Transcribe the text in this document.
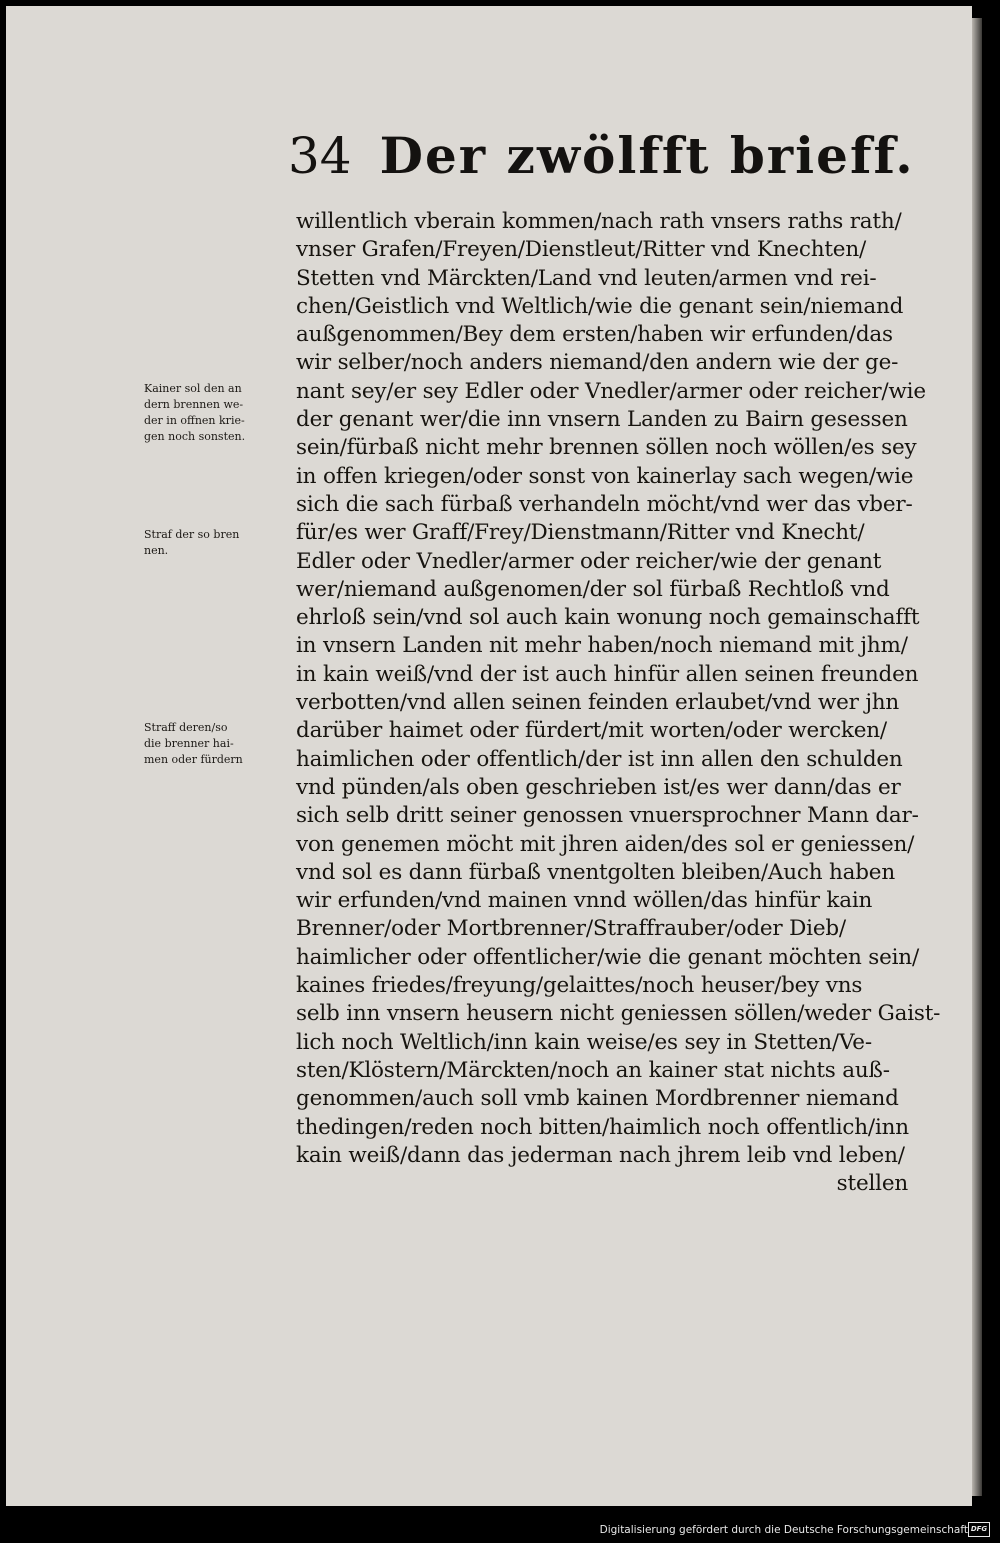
34 Der zwölfft brieff.
willentlich vberain kommen/nach rath vnsers raths rath/
vnser Grafen/Freyen/Dienstleut/Ritter vnd Knechten/
Stetten vnd Märckten/Land vnd leuten/armen vnd rei-
chen/Geistlich vnd Weltlich/wie die genant sein/niemand
außgenommen/Bey dem ersten/haben wir erfunden/das
wir selber/noch anders niemand/den andern wie der ge-
nant sey/er sey Edler oder Vnedler/armer oder reicher/wie
der genant wer/die inn vnsern Landen zu Bairn gesessen
sein/fürbaß nicht mehr brennen söllen noch wöllen/es sey
in offen kriegen/oder sonst von kainerlay sach wegen/wie
sich die sach fürbaß verhandeln möcht/vnd wer das vber-
für/es wer Graff/Frey/Dienstmann/Ritter vnd Knecht/
Edler oder Vnedler/armer oder reicher/wie der genant
wer/niemand außgenomen/der sol fürbaß Rechtloß vnd
ehrloß sein/vnd sol auch kain wonung noch gemainschafft
in vnsern Landen nit mehr haben/noch niemand mit jhm/
in kain weiß/vnd der ist auch hinfür allen seinen freunden
verbotten/vnd allen seinen feinden erlaubet/vnd wer jhn
darüber haimet oder fürdert/mit worten/oder wercken/
haimlichen oder offentlich/der ist inn allen den schulden
vnd pünden/als oben geschrieben ist/es wer dann/das er
sich selb dritt seiner genossen vnuersprochner Mann dar-
von genemen möcht mit jhren aiden/des sol er geniessen/
vnd sol es dann fürbaß vnentgolten bleiben/Auch haben
wir erfunden/vnd mainen vnnd wöllen/das hinfür kain
Brenner/oder Mortbrenner/Straffrauber/oder Dieb/
haimlicher oder offentlicher/wie die genant möchten sein/
kaines friedes/freyung/gelaittes/noch heuser/bey vns
selb inn vnsern heusern nicht geniessen söllen/weder Gaist-
lich noch Weltlich/inn kain weise/es sey in Stetten/Ve-
sten/Klöstern/Märckten/noch an kainer stat nichts auß-
genommen/auch soll vmb kainen Mordbrenner niemand
thedingen/reden noch bitten/haimlich noch offentlich/inn
kain weiß/dann das jederman nach jhrem leib vnd leben/
stellen
Kainer sol den an
dern brennen we-
der in offnen krie-
gen noch sonsten.
Straf der so bren
nen.
Straff deren/so
die brenner hai-
men oder fürdern
Digitalisierung gefördert durch die Deutsche Forschungsgemeinschaft DFG
